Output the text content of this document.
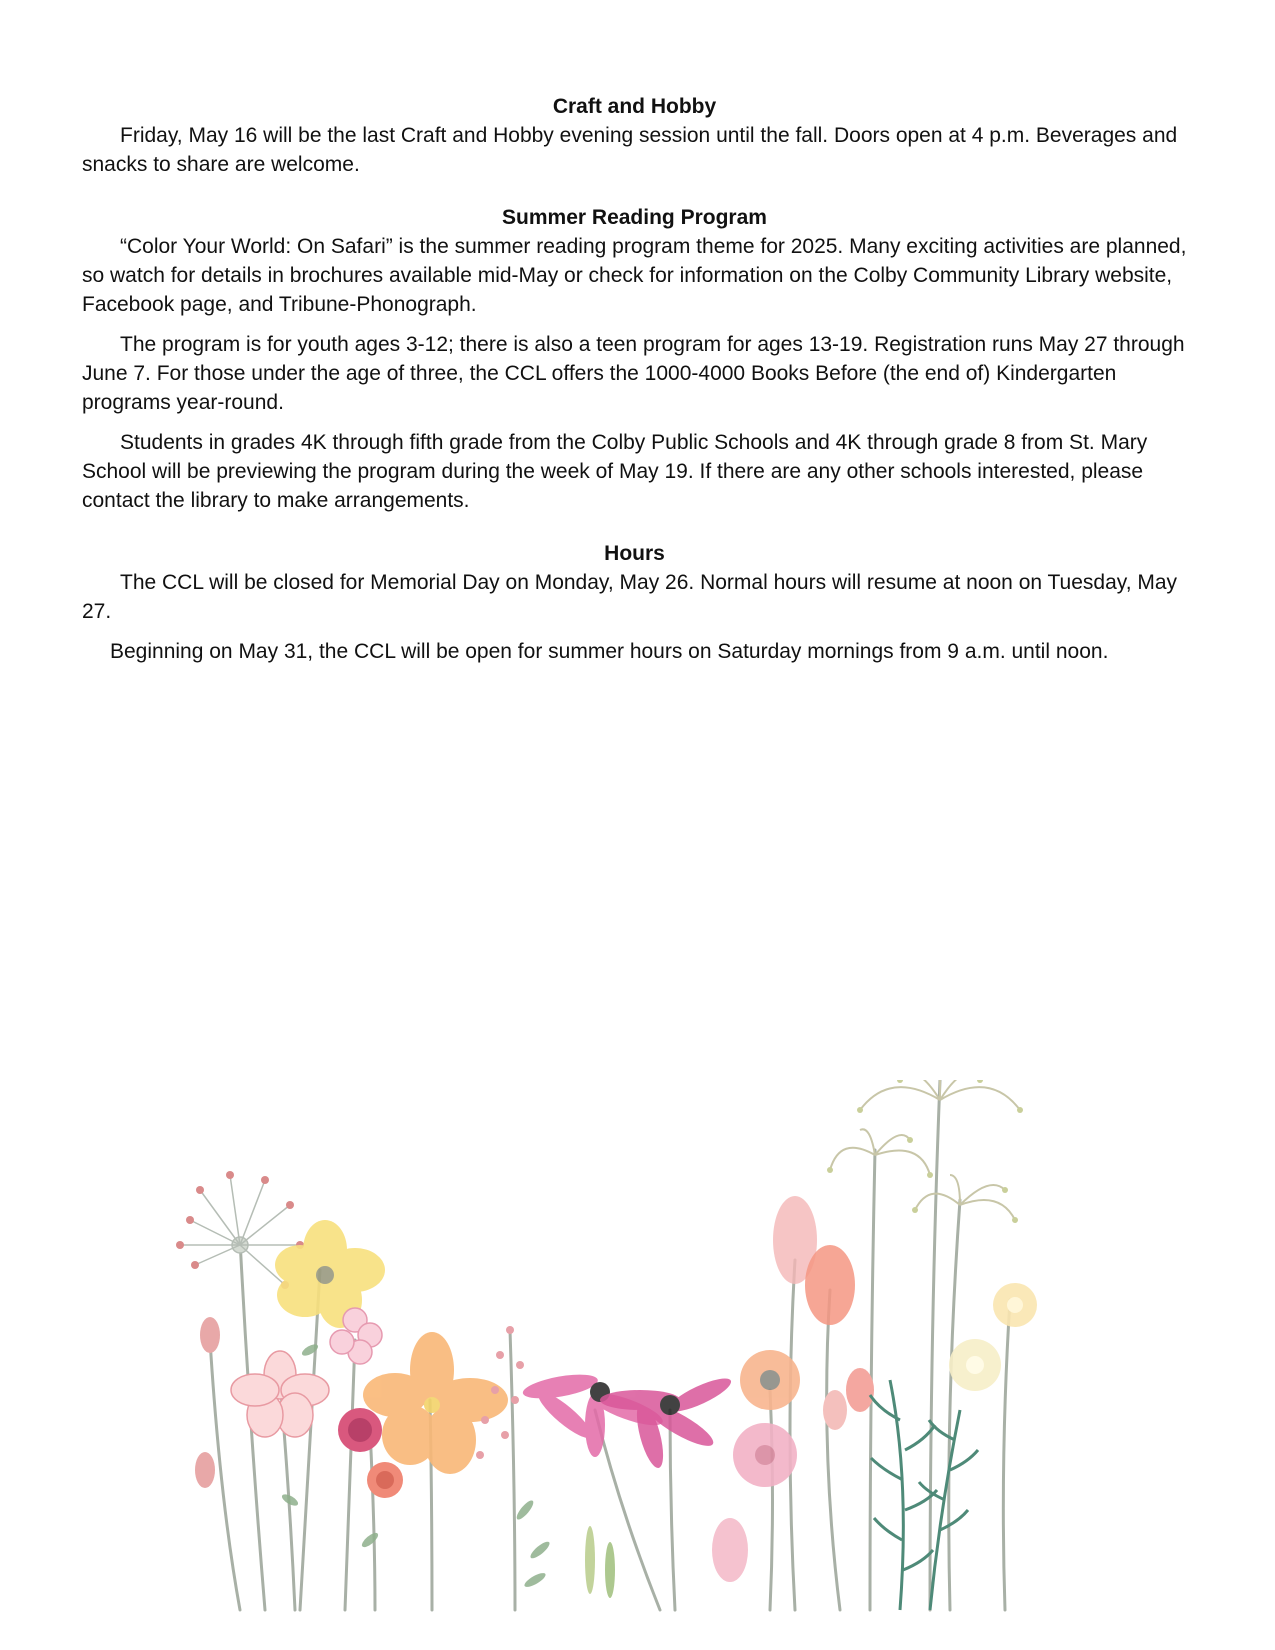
Craft and Hobby

Friday, May 16 will be the last Craft and Hobby evening session until the fall. Doors open at 4 p.m. Beverages and snacks to share are welcome.

Summer Reading Program

“Color Your World: On Safari” is the summer reading program theme for 2025. Many exciting activities are planned, so watch for details in brochures available mid-May or check for information on the Colby Community Library website, Facebook page, and Tribune-Phonograph.

The program is for youth ages 3-12; there is also a teen program for ages 13-19. Registration runs May 27 through June 7. For those under the age of three, the CCL offers the 1000-4000 Books Before (the end of) Kindergarten programs year-round.

Students in grades 4K through fifth grade from the Colby Public Schools and 4K through grade 8 from St. Mary School will be previewing the program during the week of May 19. If there are any other schools interested, please contact the library to make arrangements.

Hours

The CCL will be closed for Memorial Day on Monday, May 26. Normal hours will resume at noon on Tuesday, May 27.

Beginning on May 31, the CCL will be open for summer hours on Saturday mornings from 9 a.m. until noon.
